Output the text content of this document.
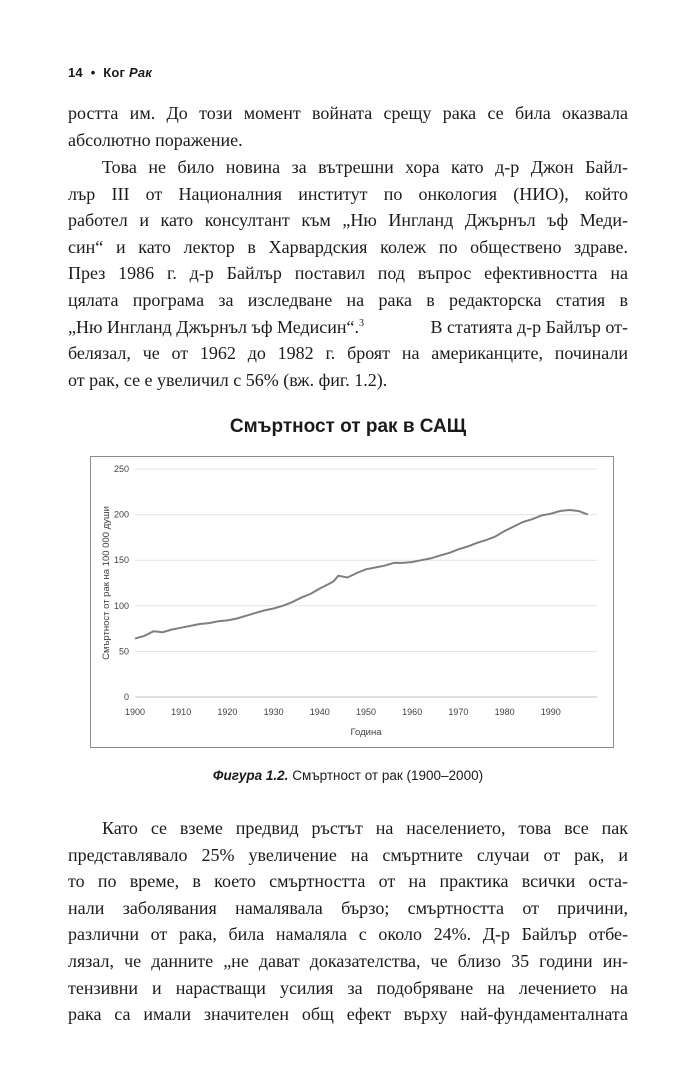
14 • Ког Рак
ростта им. До този момент войната срещу рака се била оказвала
абсолютно поражение.
Това не било новина за вътрешни хора като д-р Джон Байл-
лър III от Националния институт по онкология (НИО), който
работел и като консултант към „Ню Ингланд Джърнъл ъф Меди-
син“ и като лектор в Харвардския колеж по обществено здраве.
През 1986 г. д-р Байлър поставил под въпрос ефективността на
цялата програма за изследване на рака в редакторска статия в
„Ню Ингланд Джърнъл ъф Медисин“.$^3$	В статията д-р Байлър от-
белязал, че от 1962 до 1982 г. броят на американците, починали
от рак, се е увеличил с 56% (вж. фиг. 1.2).
Смъртност от рак в САЩ
0
50
100
150
200
250
1900	1910	1920	1930	1940	1950	1960	1970	1980	1990
Година
Смъртност от рак на 100 000 души
Фигура 1.2. Смъртност от рак (1900–2000)
Като се вземе предвид ръстът на населението, това все пак
представлявало 25% увеличение на смъртните случаи от рак, и
то по време, в което смъртността от на практика всички оста-
нали заболявания намалявала бързо; смъртността от причини,
различни от рака, била намаляла с около 24%. Д-р Байлър отбе-
лязал, че данните „не дават доказателства, че близо 35 години ин-
тензивни и нарастващи усилия за подобряване на лечението на
рака са имали значителен общ ефект върху най-фундаменталната
